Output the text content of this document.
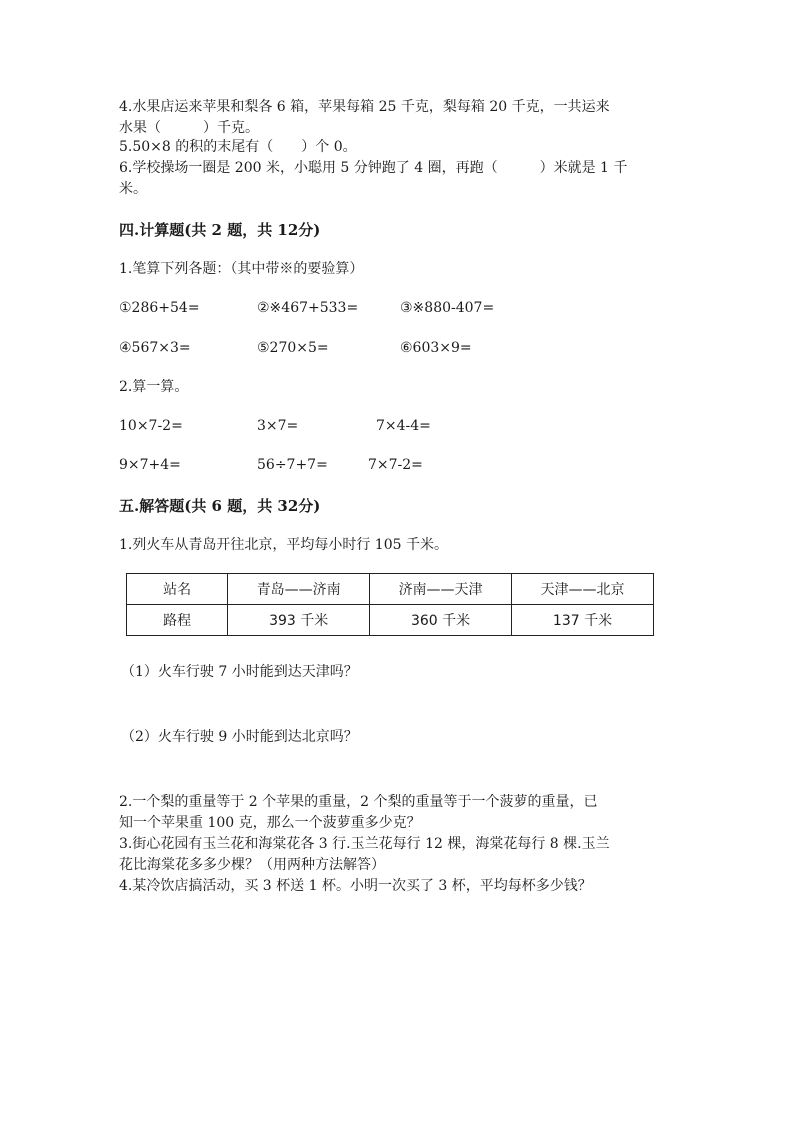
4.水果店运来苹果和梨各 6 箱，苹果每箱 25 千克，梨每箱 20 千克，一共运来
水果（　　　）千克。
5.50×8 的积的末尾有（　　）个 0。
6.学校操场一圈是 200 米，小聪用 5 分钟跑了 4 圈，再跑（　　　）米就是 1 千
米。
四.计算题(共 2 题，共 12分)
1.笔算下列各题：（其中带※的要验算）
①286+54=	②※467+533=	③※880-407=
④567×3=	⑤270×5=	⑥603×9=
2.算一算。
10×7-2=	3×7=	7×4-4=
9×7+4=	56÷7+7=	7×7-2=
五.解答题(共 6 题，共 32分)
1.列火车从青岛开往北京，平均每小时行 105 千米。
站名	青岛——济南	济南——天津	天津——北京
路程	393 千米	360 千米	137 千米
（1）火车行驶 7 小时能到达天津吗？
（2）火车行驶 9 小时能到达北京吗？
2.一个梨的重量等于 2 个苹果的重量，2 个梨的重量等于一个菠萝的重量，已
知一个苹果重 100 克，那么一个菠萝重多少克？
3.街心花园有玉兰花和海棠花各 3 行.玉兰花每行 12 棵，海棠花每行 8 棵.玉兰
花比海棠花多多少棵？（用两种方法解答）
4.某冷饮店搞活动，买 3 杯送 1 杯。小明一次买了 3 杯，平均每杯多少钱？
